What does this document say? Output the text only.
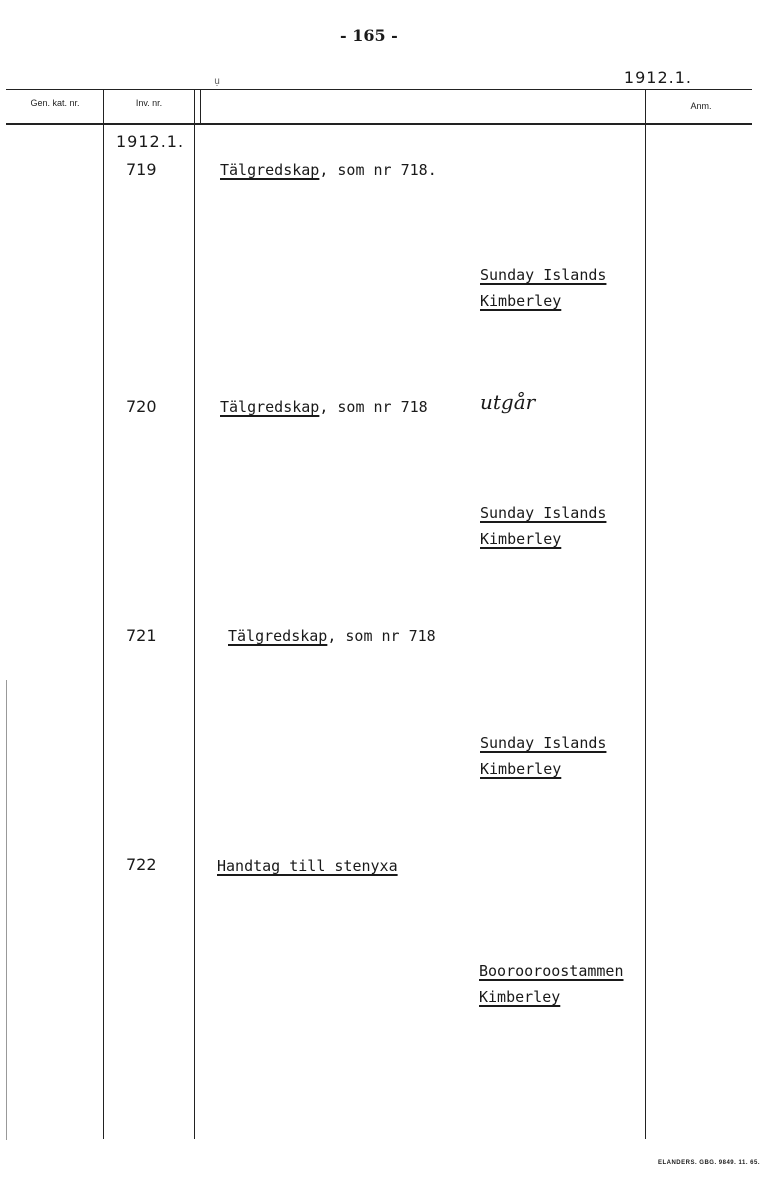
- 165 -
ụ	1912.1.
Gen. kat. nr.	Inv. nr.	Anm.
1912.1.
719	Tälgredskap, som nr 718.
Sunday Islands
Kimberley
720	Tälgredskap, som nr 718	utgår
Sunday Islands
Kimberley
721	Tälgredskap, som nr 718
Sunday Islands
Kimberley
722	Handtag till stenyxa
Boorooroostammen
Kimberley
ELANDERS. GBG. 9849. 11. 65.
